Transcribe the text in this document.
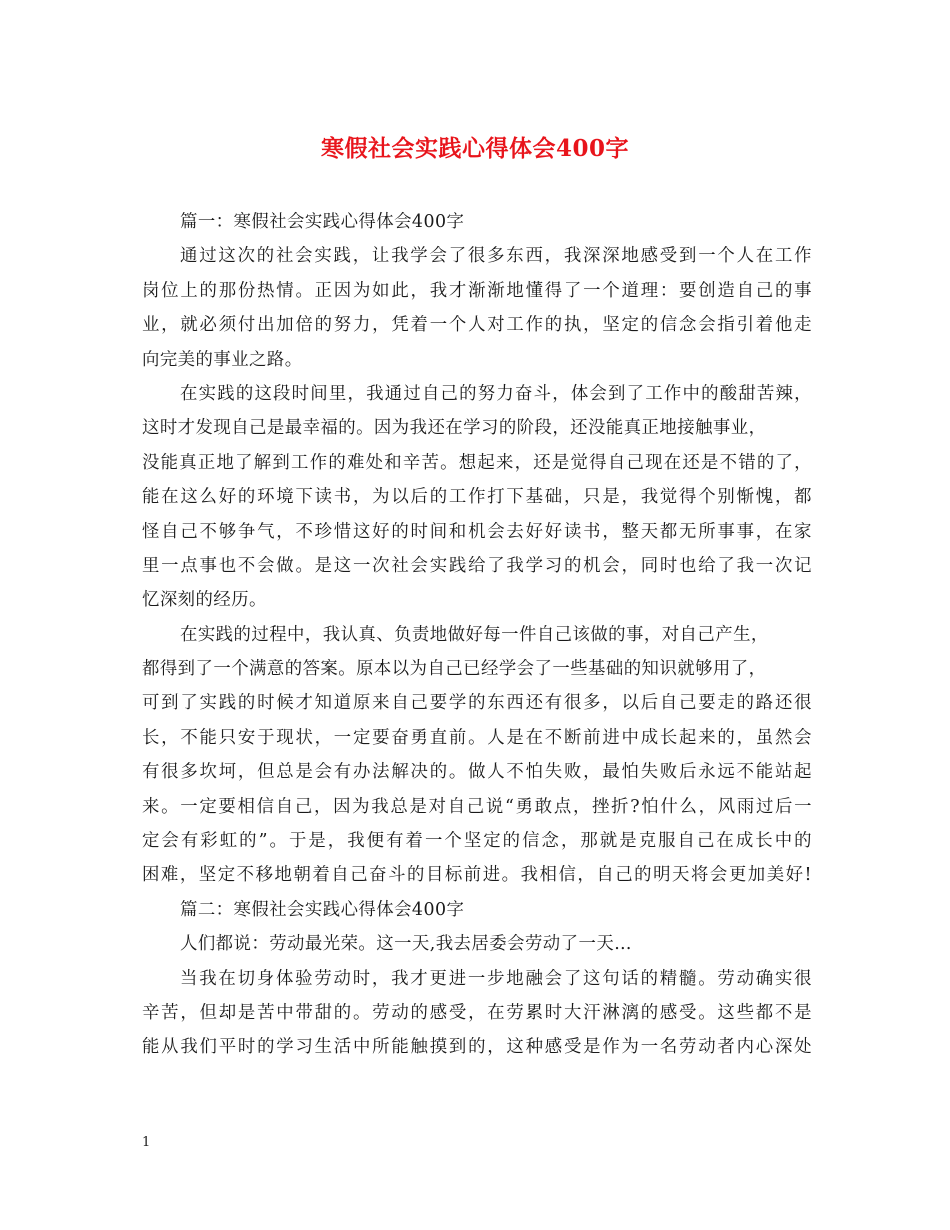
寒假社会实践心得体会400字
篇一：寒假社会实践心得体会400字
通过这次的社会实践，让我学会了很多东西，我深深地感受到一个人在工作
岗位上的那份热情。正因为如此，我才渐渐地懂得了一个道理：要创造自己的事
业，就必须付出加倍的努力，凭着一个人对工作的执，坚定的信念会指引着他走
向完美的事业之路。
在实践的这段时间里，我通过自己的努力奋斗，体会到了工作中的酸甜苦辣，
这时才发现自己是最幸福的。因为我还在学习的阶段，还没能真正地接触事业，
没能真正地了解到工作的难处和辛苦。想起来，还是觉得自己现在还是不错的了，
能在这么好的环境下读书，为以后的工作打下基础，只是，我觉得个别惭愧，都
怪自己不够争气，不珍惜这好的时间和机会去好好读书，整天都无所事事，在家
里一点事也不会做。是这一次社会实践给了我学习的机会，同时也给了我一次记
忆深刻的经历。
在实践的过程中，我认真、负责地做好每一件自己该做的事，对自己产生，
都得到了一个满意的答案。原本以为自己已经学会了一些基础的知识就够用了，
可到了实践的时候才知道原来自己要学的东西还有很多，以后自己要走的路还很
长，不能只安于现状，一定要奋勇直前。人是在不断前进中成长起来的，虽然会
有很多坎坷，但总是会有办法解决的。做人不怕失败，最怕失败后永远不能站起
来。一定要相信自己，因为我总是对自己说“勇敢点，挫折?怕什么，风雨过后一
定会有彩虹的”。于是，我便有着一个坚定的信念，那就是克服自己在成长中的
困难，坚定不移地朝着自己奋斗的目标前进。我相信，自己的明天将会更加美好!
篇二：寒假社会实践心得体会400字
人们都说：劳动最光荣。这一天,我去居委会劳动了一天…
当我在切身体验劳动时，我才更进一步地融会了这句话的精髓。劳动确实很
辛苦，但却是苦中带甜的。劳动的感受，在劳累时大汗淋漓的感受。这些都不是
能从我们平时的学习生活中所能触摸到的，这种感受是作为一名劳动者内心深处
1
